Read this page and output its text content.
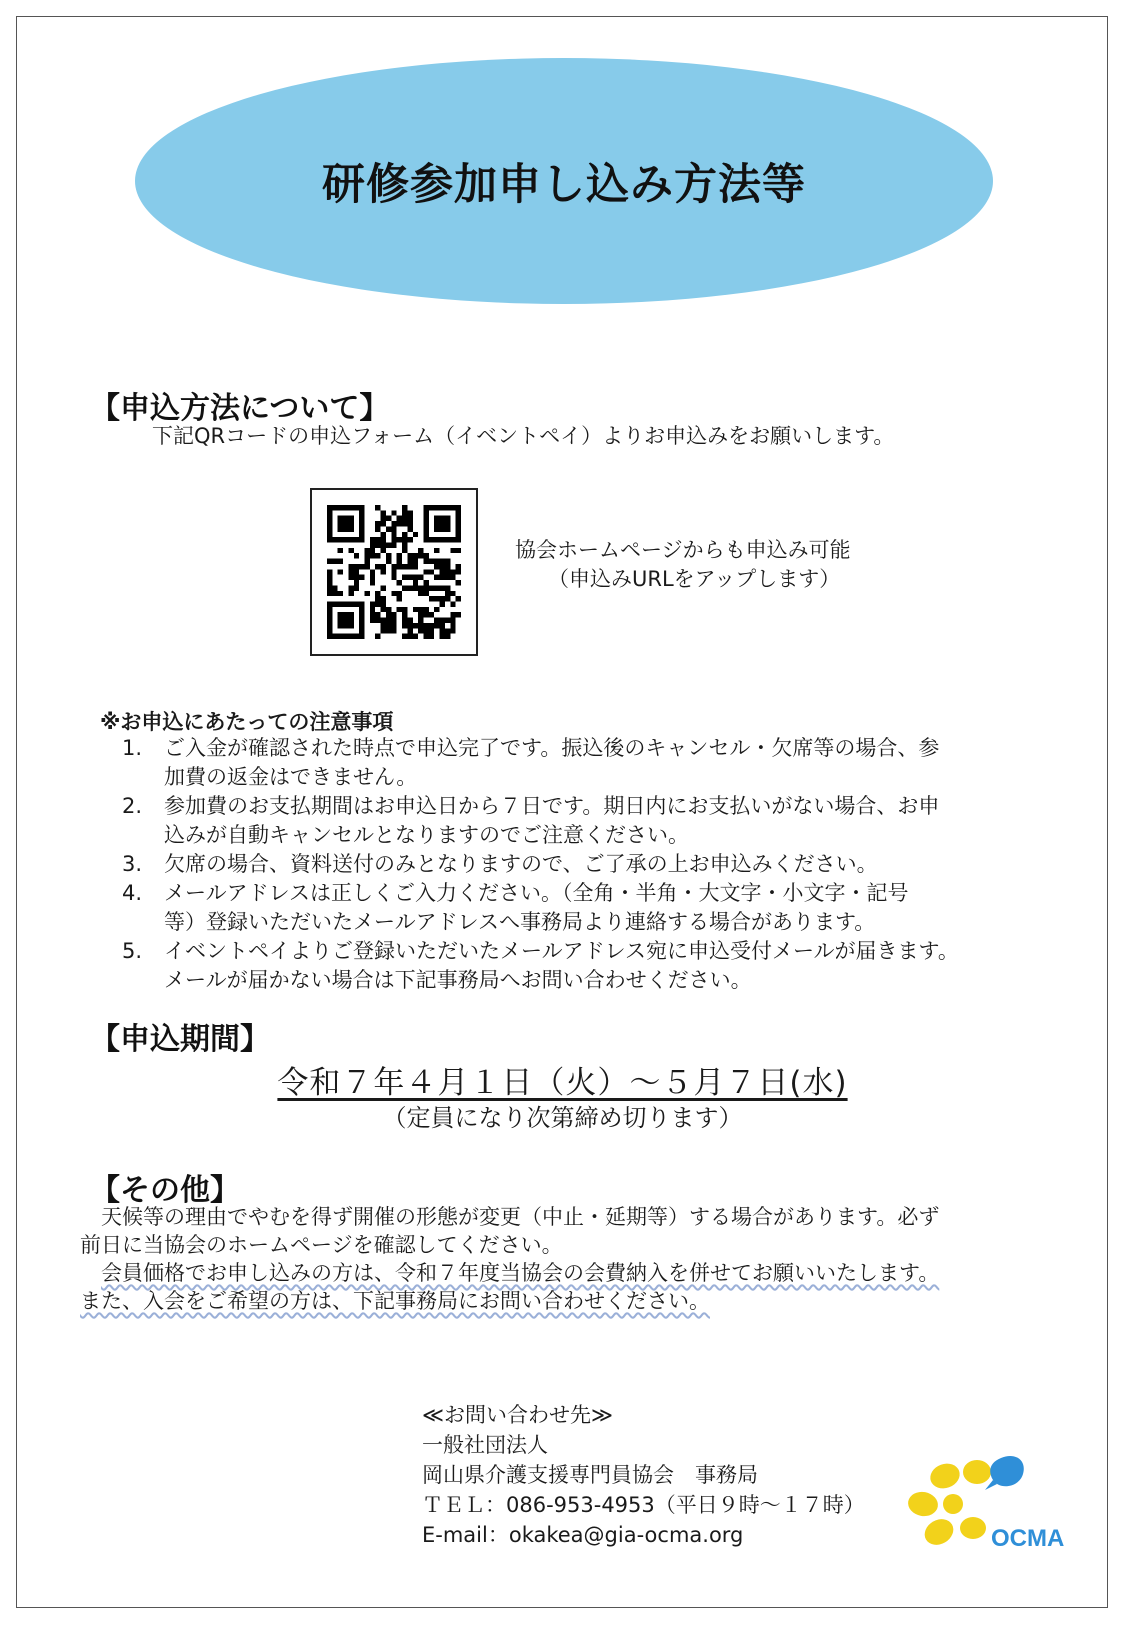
研修参加申し込み方法等
【申込方法について】
下記QRコードの申込フォーム（イベントペイ）よりお申込みをお願いします。
協会ホームページからも申込み可能
（申込みURLをアップします）
※お申込にあたっての注意事項
1. ご入金が確認された時点で申込完了です。振込後のキャンセル・欠席等の場合、参
加費の返金はできません。
2. 参加費のお支払期間はお申込日から７日です。期日内にお支払いがない場合、お申
込みが自動キャンセルとなりますのでご注意ください。
3. 欠席の場合、資料送付のみとなりますので、ご了承の上お申込みください。
4. メールアドレスは正しくご入力ください。（全角・半角・大文字・小文字・記号
等）登録いただいたメールアドレスへ事務局より連絡する場合があります。
5. イベントペイよりご登録いただいたメールアドレス宛に申込受付メールが届きます。
メールが届かない場合は下記事務局へお問い合わせください。
【申込期間】
令和７年４月１日（火）～５月７日(水)
（定員になり次第締め切ります）
【その他】

天候等の理由でやむを得ず開催の形態が変更（中止・延期等）する場合があります。必ず

前日に当協会のホームページを確認してください。

会員価格でお申し込みの方は、令和７年度当協会の会費納入を併せてお願いいたします。

また、入会をご希望の方は、下記事務局にお問い合わせください。

≪お問い合わせ先≫
一般社団法人
岡山県介護支援専門員協会　事務局
ＴＥＬ：086-953-4953（平日９時～１７時）
E-mail：okakea@gia-ocma.org	OCMA
